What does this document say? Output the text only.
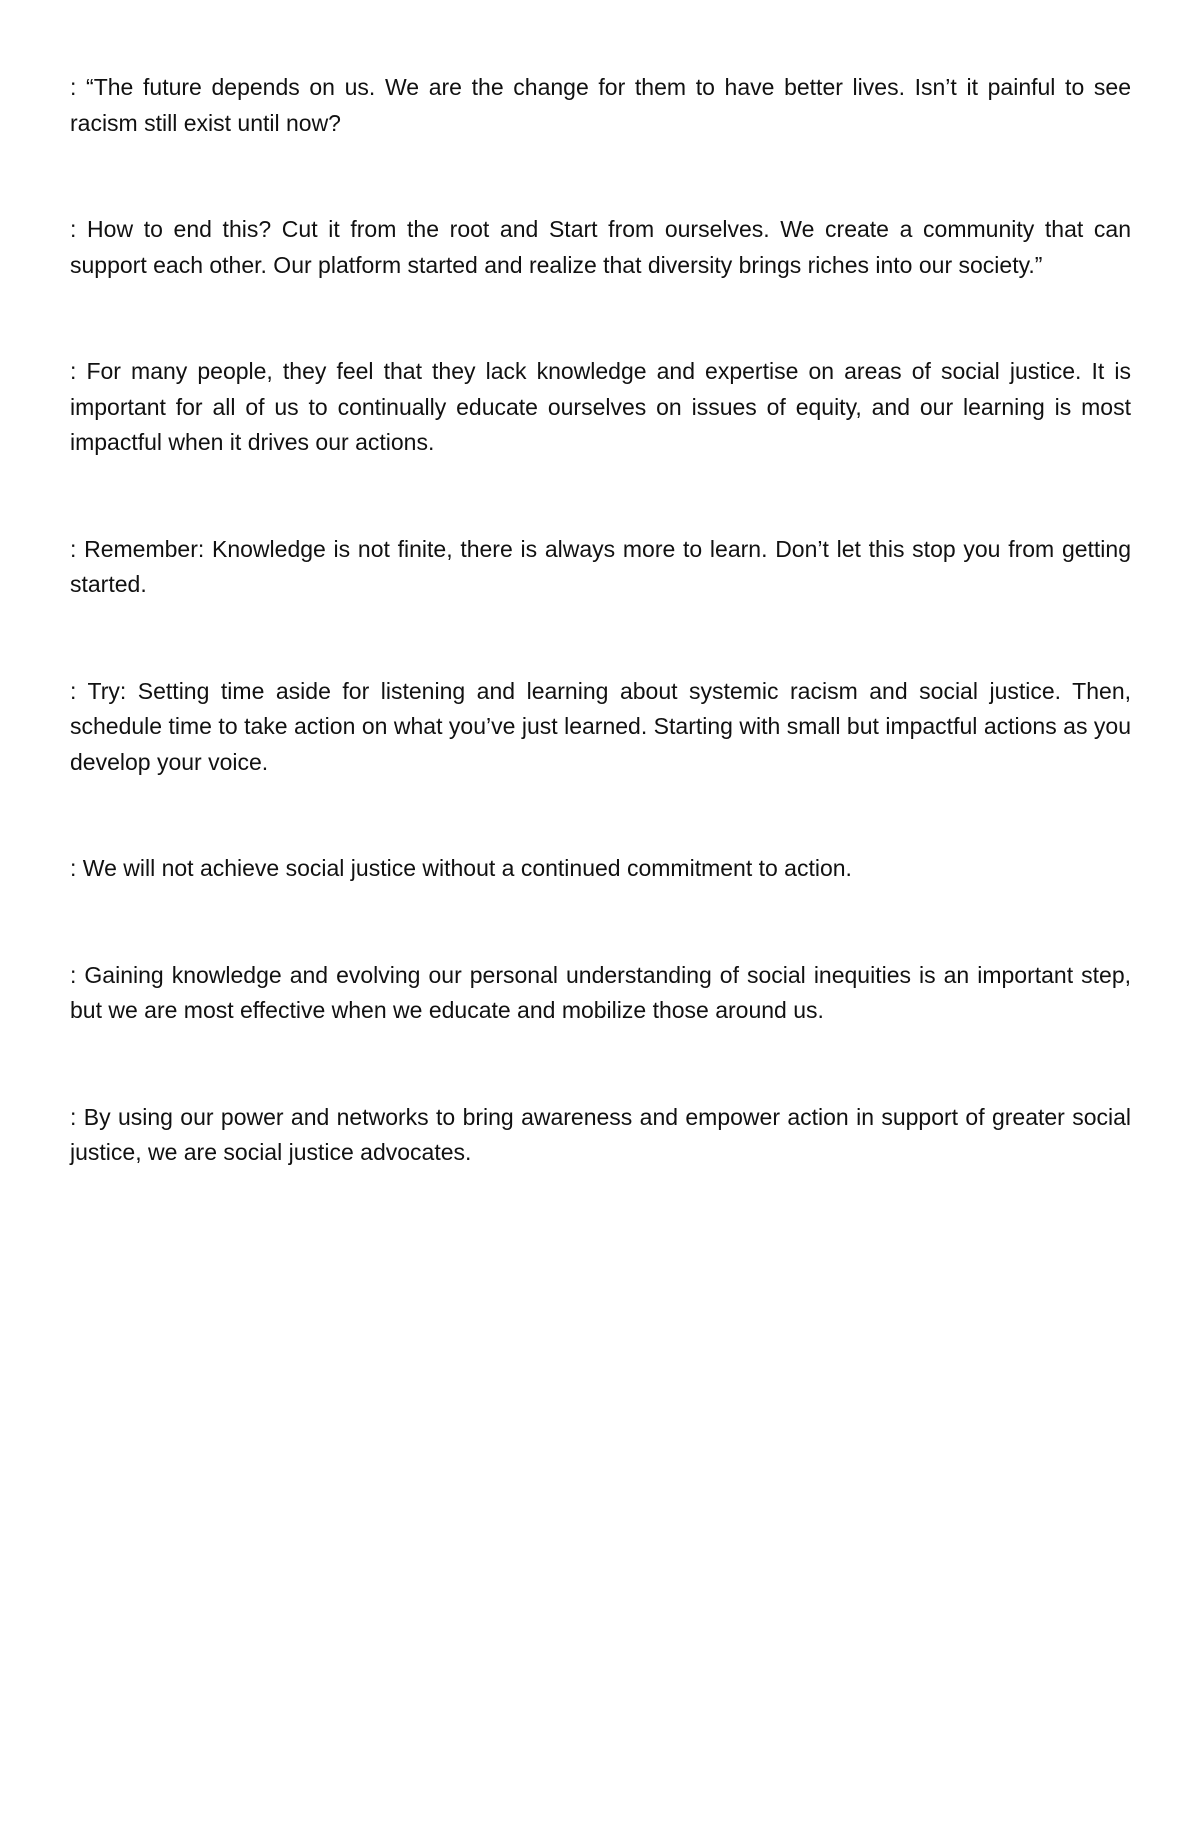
: “The future depends on us. We are the change for them to have better lives. Isn’t it painful to see racism still exist until now?

: How to end this? Cut it from the root and Start from ourselves. We create a community that can support each other. Our platform started and realize that diversity brings riches into our society.”

: For many people, they feel that they lack knowledge and expertise on areas of social justice. It is important for all of us to continually educate ourselves on issues of equity, and our learning is most impactful when it drives our actions.

: Remember: Knowledge is not finite, there is always more to learn. Don’t let this stop you from getting started.

: Try: Setting time aside for listening and learning about systemic racism and social justice. Then, schedule time to take action on what you’ve just learned. Starting with small but impactful actions as you develop your voice.

: We will not achieve social justice without a continued commitment to action.

: Gaining knowledge and evolving our personal understanding of social inequities is an important step, but we are most effective when we educate and mobilize those around us.

: By using our power and networks to bring awareness and empower action in support of greater social justice, we are social justice advocates.
